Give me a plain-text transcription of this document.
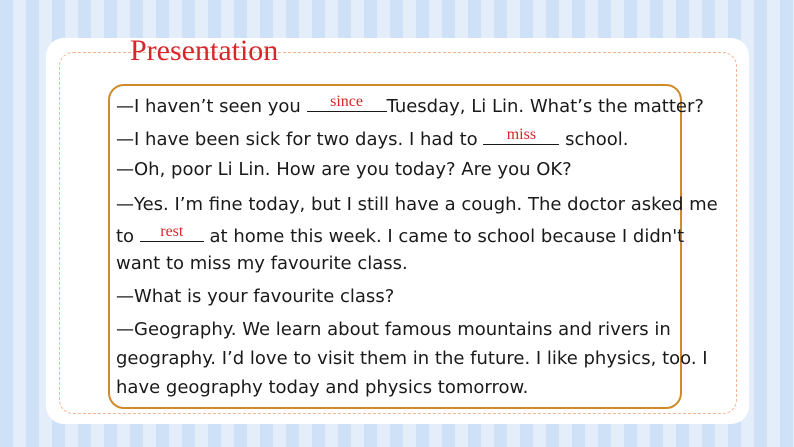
Presentation
—I haven’t seen you	since	Tuesday, Li Lin. What’s the matter?
—I have been sick for two days. I had to	miss	school.
—Oh, poor Li Lin. How are you today? Are you OK?
—Yes. I’m fine today, but I still have a cough. The doctor asked me
to	rest	at home this week. I came to school because I didn't
want to miss my favourite class.
—What is your favourite class?
—Geography. We learn about famous mountains and rivers in
geography. I’d love to visit them in the future. I like physics, too. I
have geography today and physics tomorrow.
